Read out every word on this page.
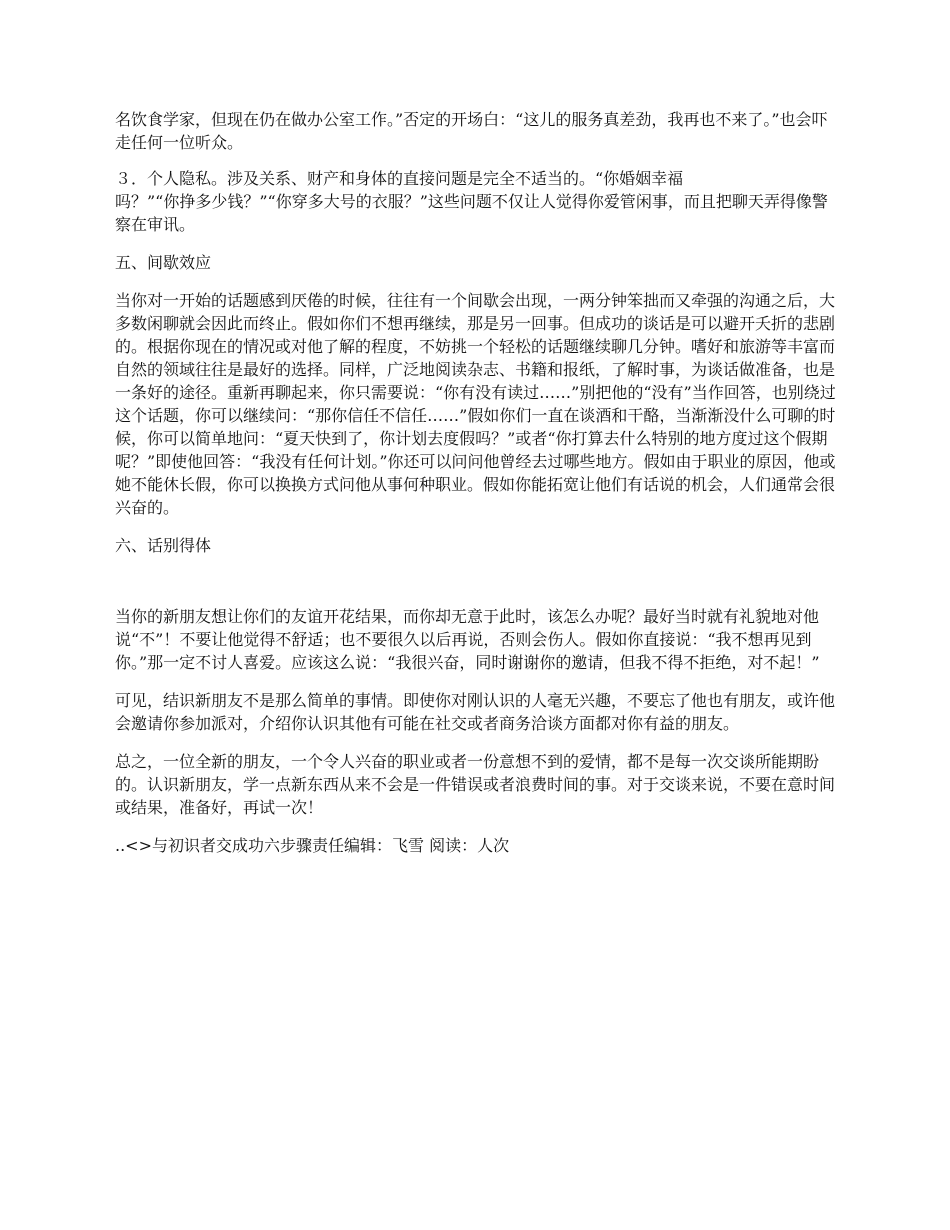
名饮食学家，但现在仍在做办公室工作。”否定的开场白：“这儿的服务真差劲，我再也不来了。”也会吓走任何一位听众。

３．个人隐私。涉及关系、财产和身体的直接问题是完全不适当的。“你婚姻幸福
吗？”“你挣多少钱？”“你穿多大号的衣服？”这些问题不仅让人觉得你爱管闲事，而且把聊天弄得像警察在审讯。

五、间歇效应

当你对一开始的话题感到厌倦的时候，往往有一个间歇会出现，一两分钟笨拙而又牵强的沟通之后，大多数闲聊就会因此而终止。假如你们不想再继续，那是另一回事。但成功的谈话是可以避开夭折的悲剧的。根据你现在的情况或对他了解的程度，不妨挑一个轻松的话题继续聊几分钟。嗜好和旅游等丰富而自然的领域往往是最好的选择。同样，广泛地阅读杂志、书籍和报纸，了解时事，为谈话做准备，也是一条好的途径。重新再聊起来，你只需要说：“你有没有读过……”别把他的“没有”当作回答，也别绕过这个话题，你可以继续问：“那你信任不信任……”假如你们一直在谈酒和干酪，当渐渐没什么可聊的时候，你可以简单地问：“夏天快到了，你计划去度假吗？”或者“你打算去什么特别的地方度过这个假期呢？”即使他回答：“我没有任何计划。”你还可以问问他曾经去过哪些地方。假如由于职业的原因，他或她不能休长假，你可以换换方式问他从事何种职业。假如你能拓宽让他们有话说的机会，人们通常会很兴奋的。

六、话别得体

当你的新朋友想让你们的友谊开花结果，而你却无意于此时，该怎么办呢？最好当时就有礼貌地对他说“不”！不要让他觉得不舒适；也不要很久以后再说，否则会伤人。假如你直接说：“我不想再见到你。”那一定不讨人喜爱。应该这么说：“我很兴奋，同时谢谢你的邀请，但我不得不拒绝，对不起！”

可见，结识新朋友不是那么简单的事情。即使你对刚认识的人毫无兴趣，不要忘了他也有朋友，或许他会邀请你参加派对，介绍你认识其他有可能在社交或者商务洽谈方面都对你有益的朋友。

总之，一位全新的朋友，一个令人兴奋的职业或者一份意想不到的爱情，都不是每一次交谈所能期盼的。认识新朋友，学一点新东西从来不会是一件错误或者浪费时间的事。对于交谈来说，不要在意时间或结果，准备好，再试一次！

..<>与初识者交成功六步骤责任编辑：飞雪 阅读：人次
